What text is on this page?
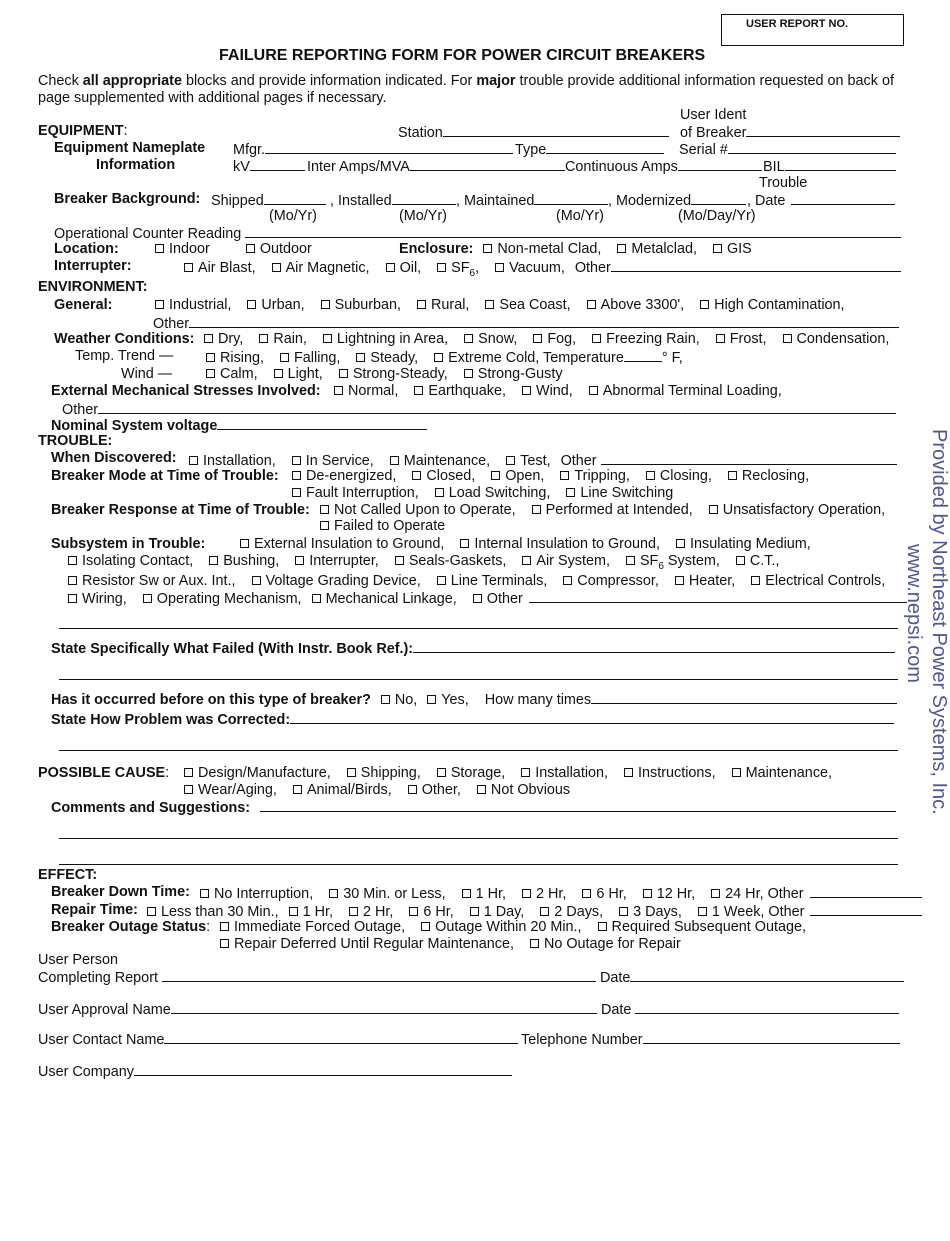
USER REPORT NO.
FAILURE REPORTING FORM FOR POWER CIRCUIT BREAKERS
Check all appropriate blocks and provide information indicated. For major trouble provide additional information requested on back of
page supplemented with additional pages if necessary.
User Ident
EQUIPMENT:	Station	of Breaker
Equipment Nameplate Mfgr.	Type	Serial #
Information	kV	Inter Amps/MVA	Continuous Amps	BIL
Trouble
Breaker Background: Shipped	, Installed	, Maintained	, Modernized	, Date
(Mo/Yr)	(Mo/Yr)	(Mo/Yr)	(Mo/Day/Yr)
Operational Counter Reading
Location:	Indoor	Outdoor	Enclosure: Non-metal Clad, Metalclad, GIS
Interrupter:	Air Blast, Air Magnetic, Oil, $SF_6$, Vacuum, Other
ENVIRONMENT:
General:	Industrial, Urban, Suburban, Rural, Sea Coast, Above 3300', High Contamination,
Other
Weather Conditions:	Dry, Rain, Lightning in Area, Snow, Fog, Freezing Rain, Frost, Condensation,
Temp. Trend —	Rising, Falling, Steady, Extreme Cold, Temperature	° F,
Wind —	Calm, Light, Strong-Steady, Strong-Gusty
External Mechanical Stresses Involved:	Normal, Earthquake, Wind, Abnormal Terminal Loading,
Other
Nominal System voltage
TROUBLE:
When Discovered:	Installation, In Service, Maintenance, Test, Other
Breaker Mode at Time of Trouble:	De-energized, Closed, Open, Tripping, Closing, Reclosing,
Fault Interruption, Load Switching, Line Switching
Breaker Response at Time of Trouble:	Not Called Upon to Operate, Performed at Intended, Unsatisfactory Operation,
Failed to Operate
Subsystem in Trouble:	External Insulation to Ground, Internal Insulation to Ground, Insulating Medium,
Isolating Contact, Bushing, Interrupter, Seals-Gaskets, Air System, $SF_6$ System, C.T.,
Resistor Sw or Aux. Int., Voltage Grading Device, Line Terminals, Compressor, Heater, Electrical Controls,
Wiring, Operating Mechanism, Mechanical Linkage, Other
State Specifically What Failed (With Instr. Book Ref.):
Has it occurred before on this type of breaker? No, Yes, How many times
State How Problem was Corrected:
POSSIBLE CAUSE:	Design/Manufacture, Shipping, Storage, Installation, Instructions, Maintenance,
Wear/Aging, Animal/Birds, Other, Not Obvious
Comments and Suggestions:
EFFECT:
Breaker Down Time:	No Interruption, 30 Min. or Less, 1 Hr, 2 Hr, 6 Hr, 12 Hr, 24 Hr, Other
Repair Time:	Less than 30 Min., 1 Hr, 2 Hr, 6 Hr, 1 Day, 2 Days, 3 Days, 1 Week, Other
Breaker Outage Status:	Immediate Forced Outage, Outage Within 20 Min., Required Subsequent Outage,
Repair Deferred Until Regular Maintenance, No Outage for Repair
User Person
Completing Report	Date
User Approval Name	Date
User Contact Name	Telephone Number
User Company
Provided by Northeast Power Systems, Inc.
www.nepsi.com
